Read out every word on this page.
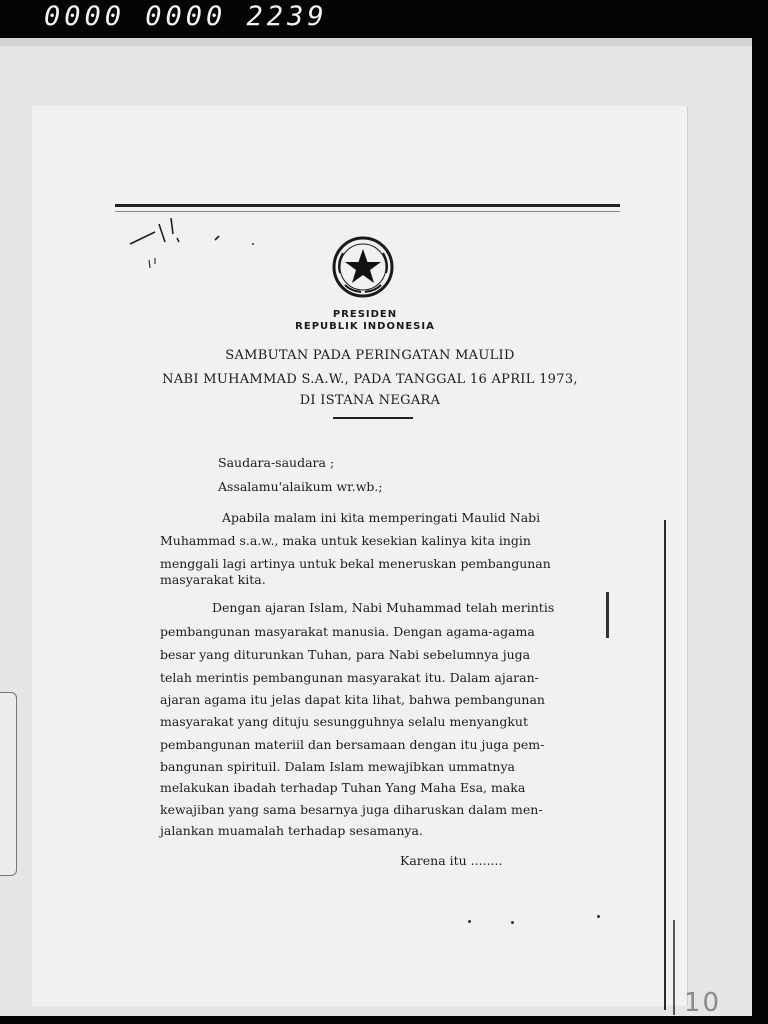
0000 0000 2239
PRESIDEN
REPUBLIK INDONESIA
SAMBUTAN PADA PERINGATAN MAULID
NABI MUHAMMAD S.A.W., PADA TANGGAL 16 APRIL 1973,
DI ISTANA NEGARA
Saudara-saudara ;
Assalamu'alaikum wr.wb.;
Apabila malam ini kita memperingati Maulid Nabi
Muhammad s.a.w., maka untuk kesekian kalinya kita ingin
menggali lagi artinya untuk bekal meneruskan pembangunan
masyarakat kita.
Dengan ajaran Islam, Nabi Muhammad telah merintis
pembangunan masyarakat manusia. Dengan agama-agama
besar yang diturunkan Tuhan, para Nabi sebelumnya juga
telah merintis pembangunan masyarakat itu. Dalam ajaran-
ajaran agama itu jelas dapat kita lihat, bahwa pembangunan
masyarakat yang dituju sesungguhnya selalu menyangkut
pembangunan materiil dan bersamaan dengan itu juga pem-
bangunan spirituil. Dalam Islam mewajibkan ummatnya
melakukan ibadah terhadap Tuhan Yang Maha Esa, maka
kewajiban yang sama besarnya juga diharuskan dalam men-
jalankan muamalah terhadap sesamanya.
Karena itu ........
10
